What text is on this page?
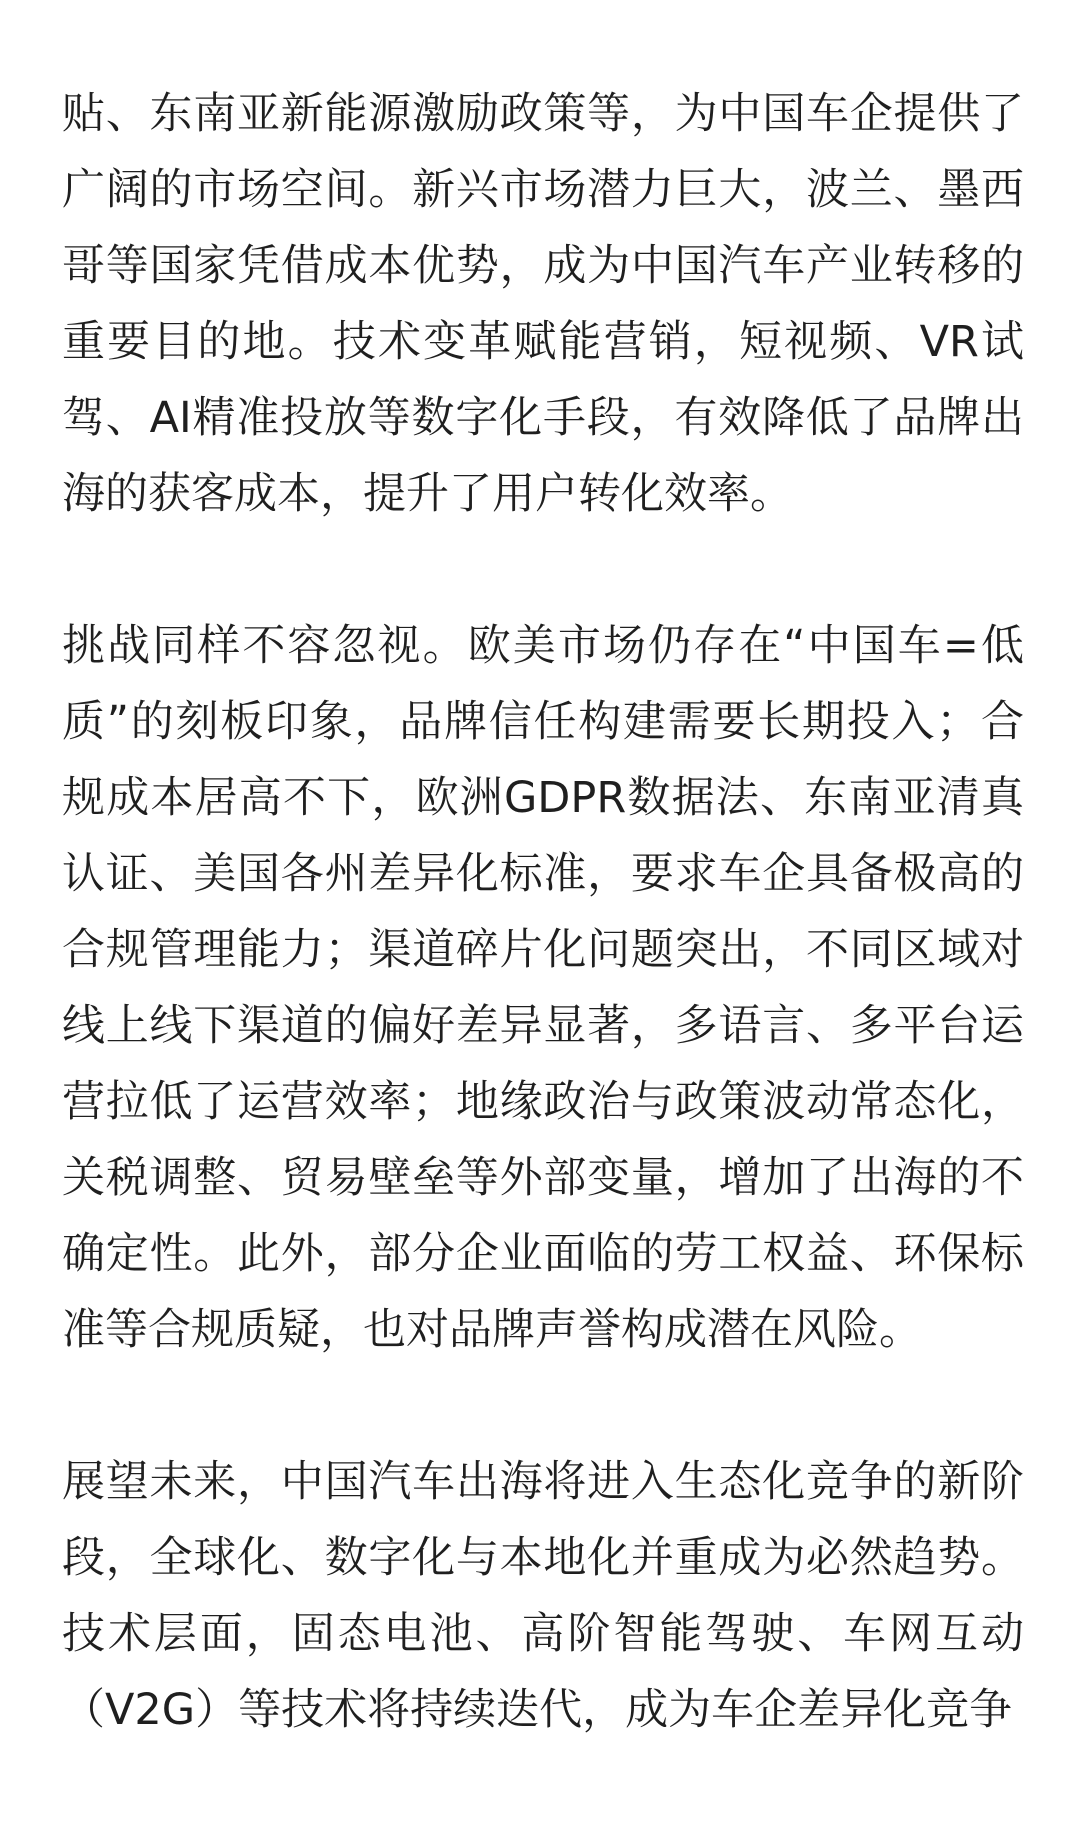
贴、东南亚新能源激励政策等，为中国车企提供了
广阔的市场空间。新兴市场潜力巨大，波兰、墨西
哥等国家凭借成本优势，成为中国汽车产业转移的
重要目的地。技术变革赋能营销，短视频、VR试
驾、AI精准投放等数字化手段，有效降低了品牌出
海的获客成本，提升了用户转化效率。

挑战同样不容忽视。欧美市场仍存在“中国车=低
质”的刻板印象，品牌信任构建需要长期投入；合
规成本居高不下，欧洲GDPR数据法、东南亚清真
认证、美国各州差异化标准，要求车企具备极高的
合规管理能力；渠道碎片化问题突出，不同区域对
线上线下渠道的偏好差异显著，多语言、多平台运
营拉低了运营效率；地缘政治与政策波动常态化，
关税调整、贸易壁垒等外部变量，增加了出海的不
确定性。此外，部分企业面临的劳工权益、环保标
准等合规质疑，也对品牌声誉构成潜在风险。

展望未来，中国汽车出海将进入生态化竞争的新阶
段，全球化、数字化与本地化并重成为必然趋势。
技术层面，固态电池、高阶智能驾驶、车网互动
（V2G）等技术将持续迭代，成为车企差异化竞争
